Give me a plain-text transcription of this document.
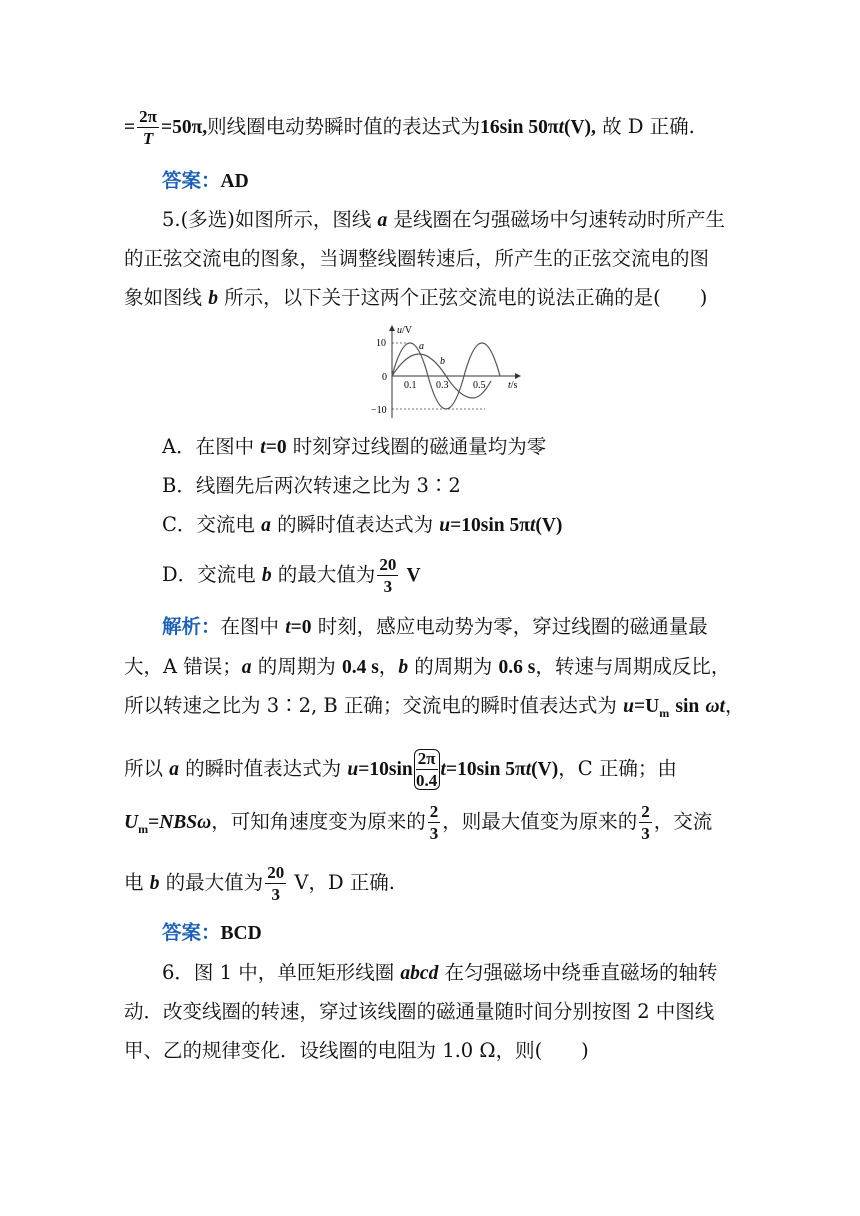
= $\frac{2\pi}{T} =50\pi$,则线圈电动势瞬时值的表达式为16sin 50πt(V), 故 D 正确.
答案：AD
5.(多选)如图所示，图线 a 是线圈在匀强磁场中匀速转动时所产生
的正弦交流电的图象，当调整线圈转速后，所产生的正弦交流电的图
象如图线 b 所示，以下关于这两个正弦交流电的说法正确的是(　　)
u/V
10
0
−10
0.1 0.3 0.5 t/s
a
b
A．在图中 t=0 时刻穿过线圈的磁通量均为零
B．线圈先后两次转速之比为 3∶2
C．交流电 a 的瞬时值表达式为 u=10sin 5πt(V)
D．交流电 b 的最大值为 $\frac{20}{3}$ V
解析：在图中 t=0 时刻，感应电动势为零，穿过线圈的磁通量最
大，A 错误；a 的周期为 0.4 s，b 的周期为 0.6 s，转速与周期成反比，
所以转速之比为 3∶2, B 正确；交流电的瞬时值表达式为 $u=U_m$ sin ωt，
所以 a 的瞬时值表达式为 $u=10\sin \frac{2\pi}{0.4} t=10\sin$ 5πt(V)，C 正确；由
$U_m=NBS\omega$，可知角速度变为原来的 $\frac{2}{3}$ ，则最大值变为原来的 $\frac{2}{3}$ ，交流
电 b 的最大值为 $\frac{20}{3}$ V，D 正确.
答案：BCD
6．图 1 中，单匝矩形线圈 abcd 在匀强磁场中绕垂直磁场的轴转
动．改变线圈的转速，穿过该线圈的磁通量随时间分别按图 2 中图线
甲、乙的规律变化．设线圈的电阻为 1.0 Ω，则(　　)
